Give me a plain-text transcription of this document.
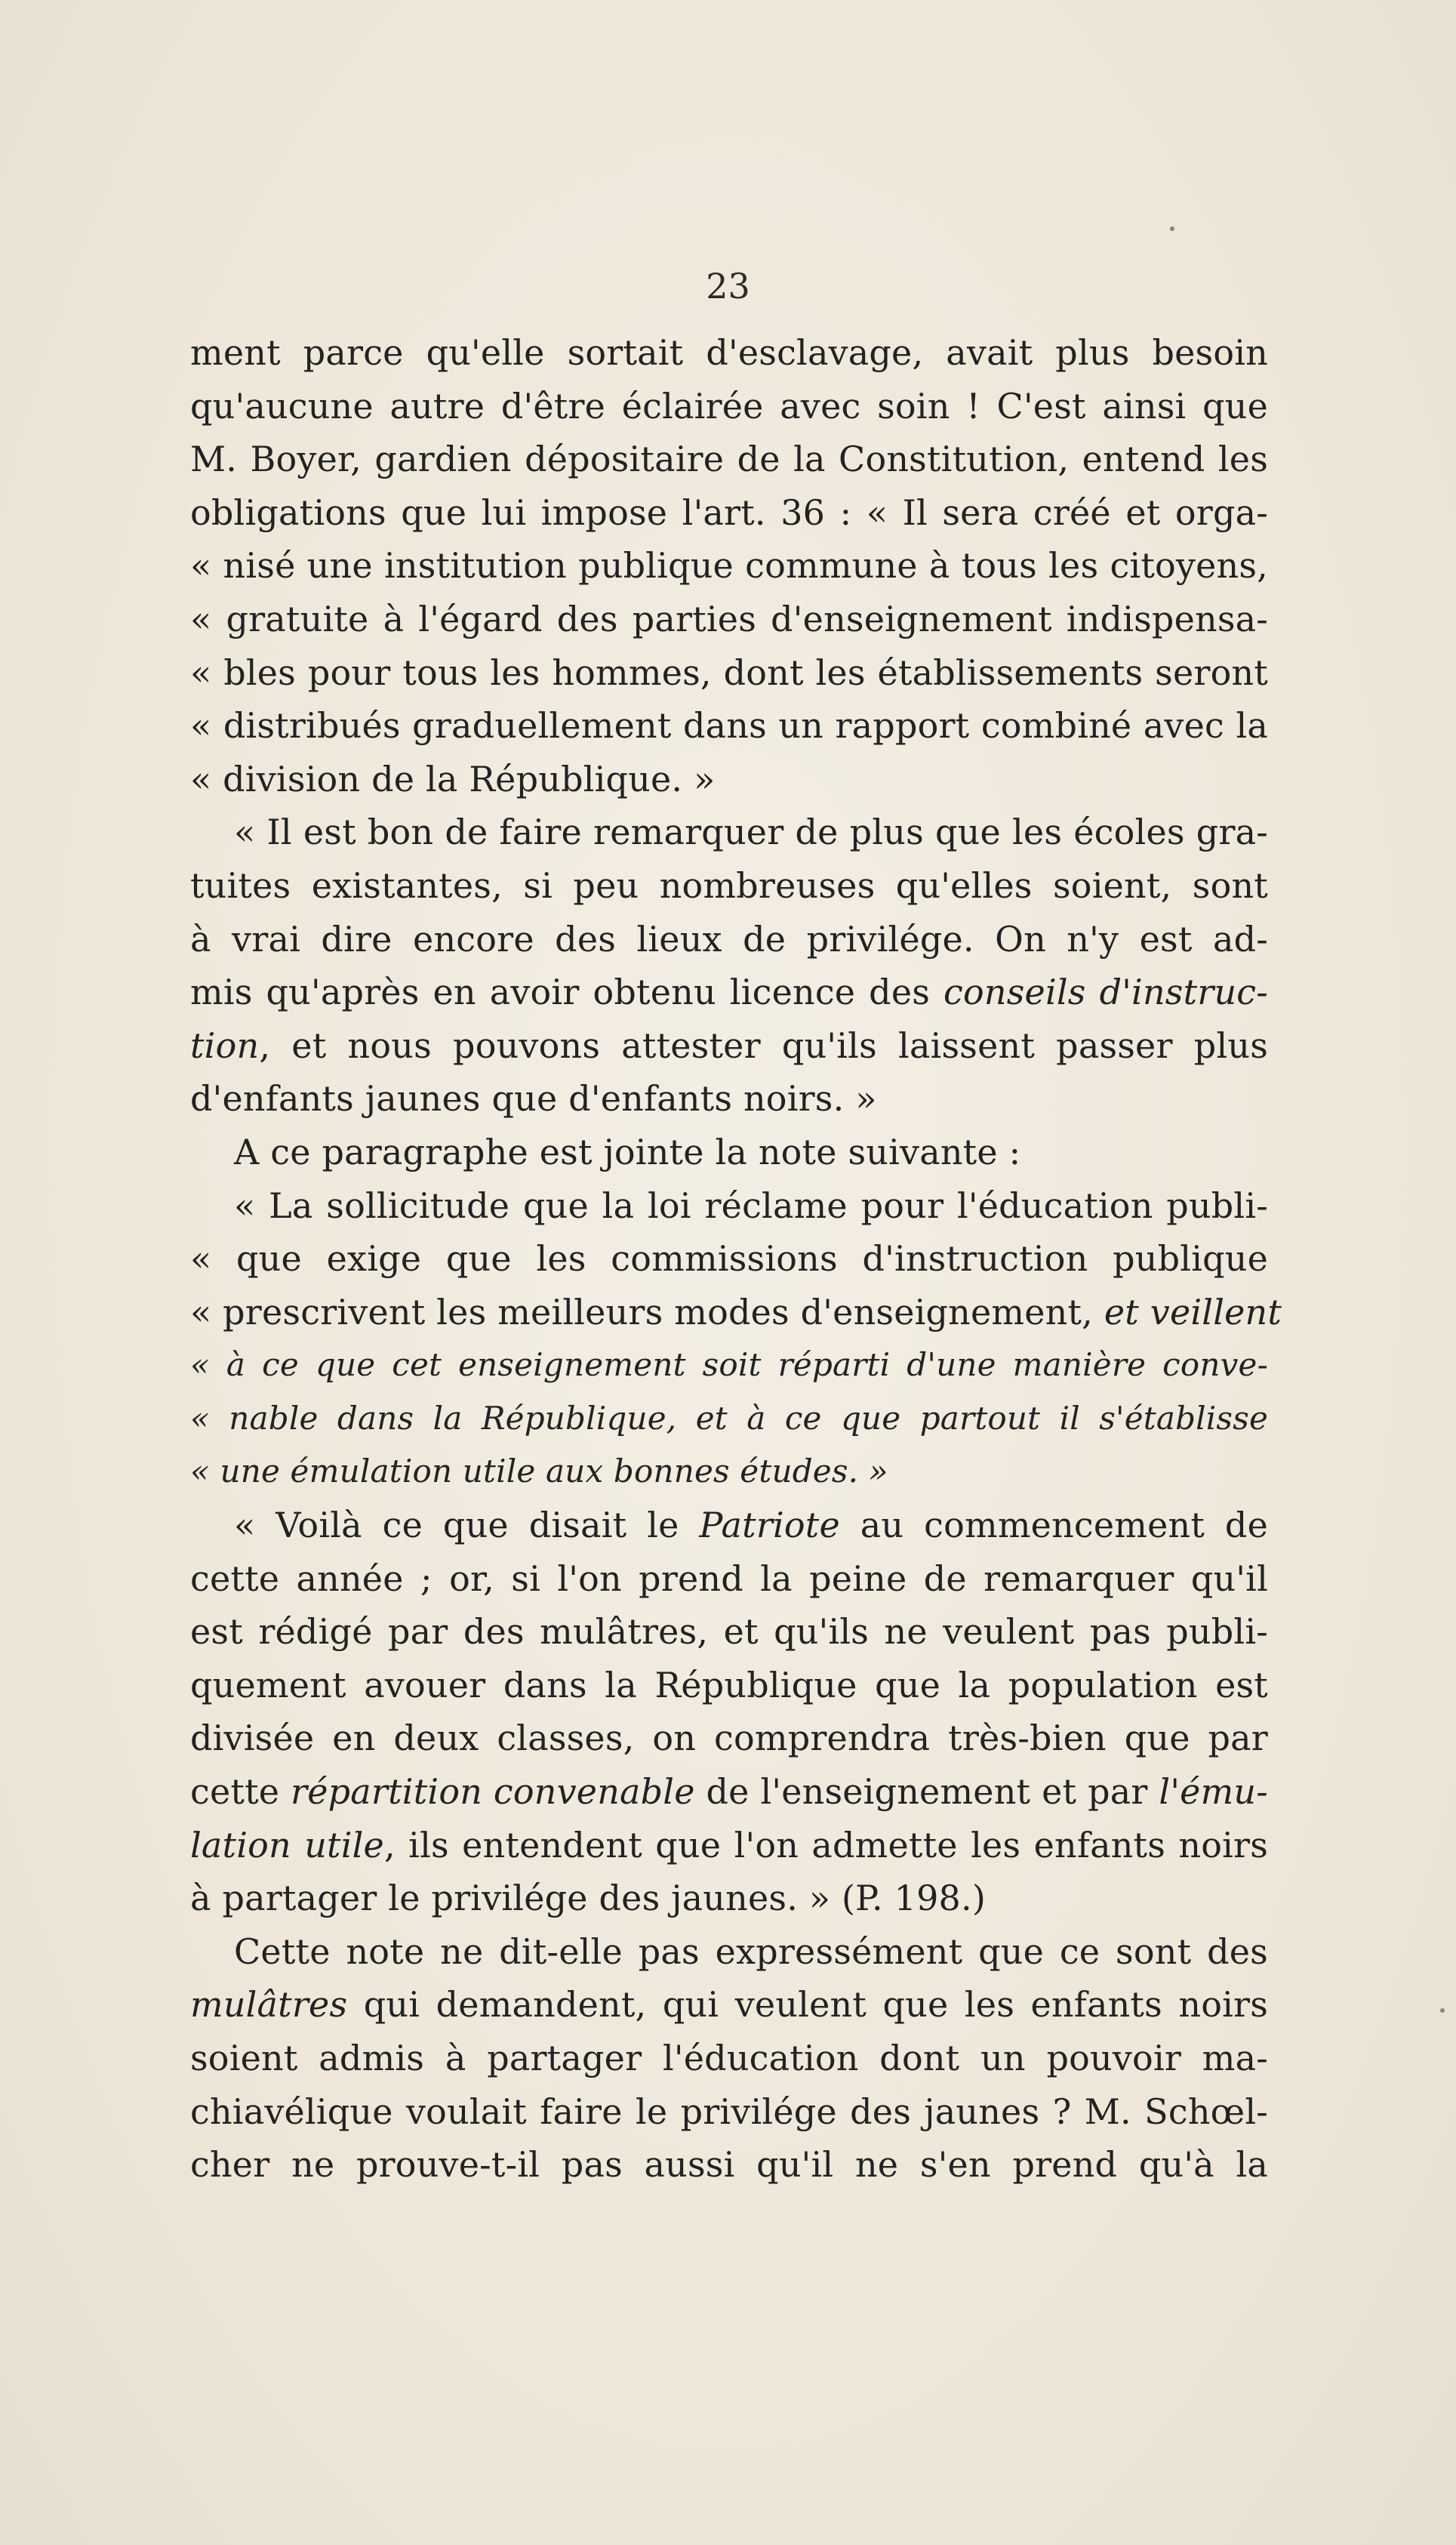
23
ment parce qu'elle sortait d'esclavage, avait plus besoin
qu'aucune autre d'être éclairée avec soin ! C'est ainsi que
M. Boyer, gardien dépositaire de la Constitution, entend les
obligations que lui impose l'art. 36 : « Il sera créé et orga-
« nisé une institution publique commune à tous les citoyens,
« gratuite à l'égard des parties d'enseignement indispensa-
« bles pour tous les hommes, dont les établissements seront
« distribués graduellement dans un rapport combiné avec la
« division de la République. »
« Il est bon de faire remarquer de plus que les écoles gra-
tuites existantes, si peu nombreuses qu'elles soient, sont
à vrai dire encore des lieux de privilége. On n'y est ad-
mis qu'après en avoir obtenu licence des conseils d'instruc-
tion, et nous pouvons attester qu'ils laissent passer plus
d'enfants jaunes que d'enfants noirs. »
A ce paragraphe est jointe la note suivante :
« La sollicitude que la loi réclame pour l'éducation publi-
« que exige que les commissions d'instruction publique
« prescrivent les meilleurs modes d'enseignement, et veillent
« à ce que cet enseignement soit réparti d'une manière conve-
« nable dans la République, et à ce que partout il s'établisse
« une émulation utile aux bonnes études. »
« Voilà ce que disait le Patriote au commencement de
cette année ; or, si l'on prend la peine de remarquer qu'il
est rédigé par des mulâtres, et qu'ils ne veulent pas publi-
quement avouer dans la République que la population est
divisée en deux classes, on comprendra très-bien que par
cette répartition convenable de l'enseignement et par l'ému-
lation utile, ils entendent que l'on admette les enfants noirs
à partager le privilége des jaunes. » (P. 198.)
Cette note ne dit-elle pas expressément que ce sont des
mulâtres qui demandent, qui veulent que les enfants noirs
soient admis à partager l'éducation dont un pouvoir ma-
chiavélique voulait faire le privilége des jaunes ? M. Schœl-
cher ne prouve-t-il pas aussi qu'il ne s'en prend qu'à la
